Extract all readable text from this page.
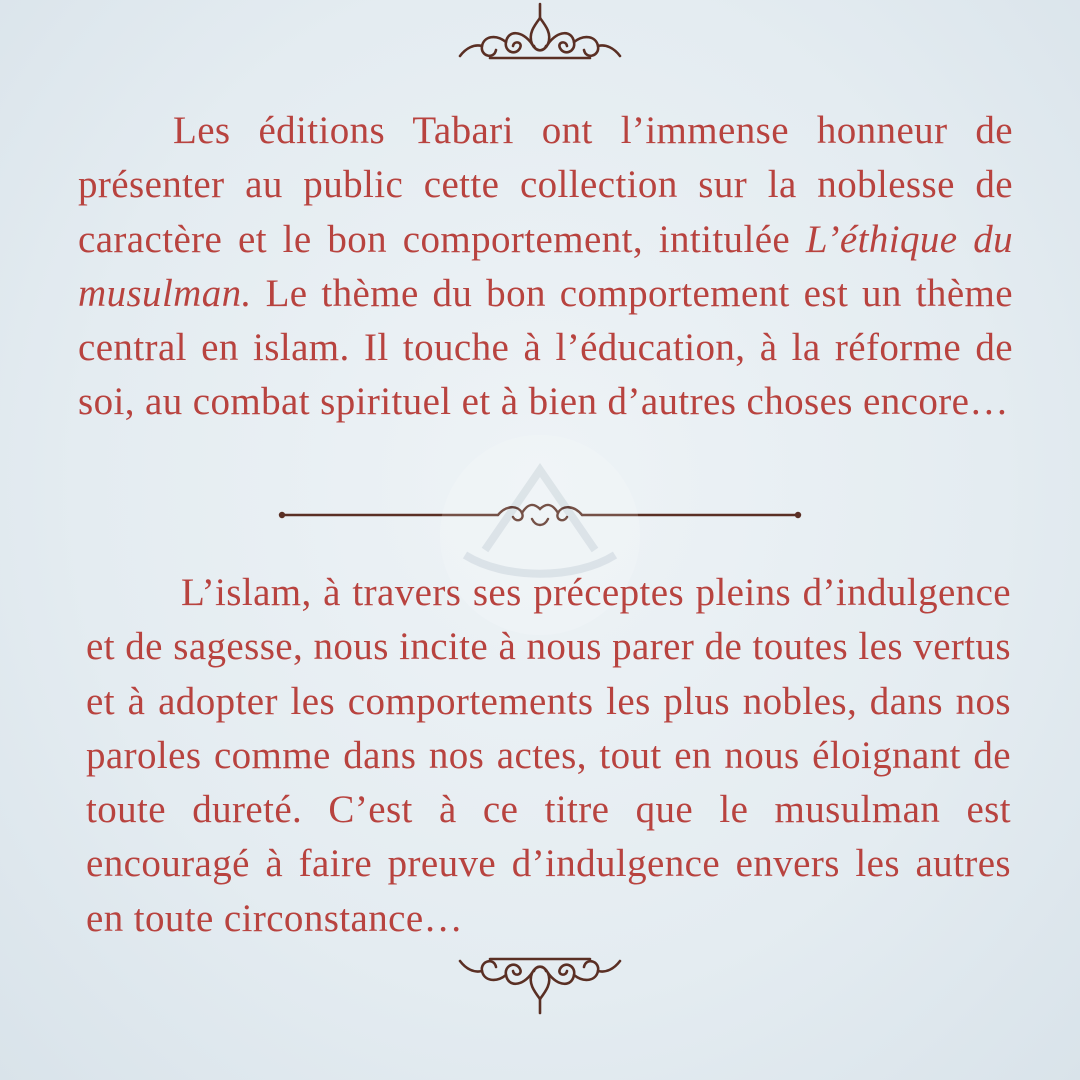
Les éditions Tabari ont l’immense honneur de présenter au public cette collection sur la noblesse de caractère et le bon comportement, intitulée L’éthique du musulman. Le thème du bon comportement est un thème central en islam. Il touche à l’éducation, à la réforme de soi, au combat spirituel et à bien d’autres choses encore…
L’islam, à travers ses préceptes pleins d’indulgence et de sagesse, nous incite à nous parer de toutes les vertus et à adopter les comportements les plus nobles, dans nos paroles comme dans nos actes, tout en nous éloignant de toute dureté. C’est à ce titre que le musulman est encouragé à faire preuve d’indulgence envers les autres en toute circonstance…
